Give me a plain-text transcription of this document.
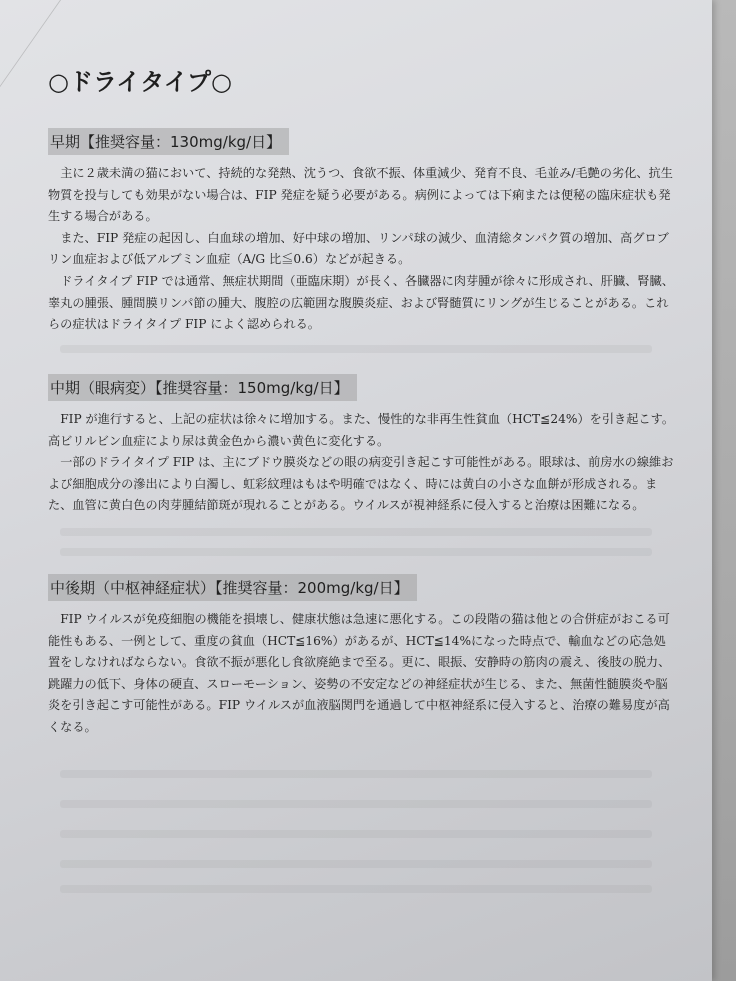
○ドライタイプ○
早期【推奨容量：130mg/kg/日】

主に２歳未満の猫において、持続的な発熱、沈うつ、食欲不振、体重減少、発育不良、毛並み/毛艶の劣化、抗生物質を投与しても効果がない場合は、FIP 発症を疑う必要がある。病例によっては下痢または便秘の臨床症状も発生する場合がある。

また、FIP 発症の起因し、白血球の増加、好中球の増加、リンパ球の減少、血清総タンパク質の増加、高グロブリン血症および低アルブミン血症（A/G 比≦0.6）などが起きる。

ドライタイプ FIP では通常、無症状期間（亜臨床期）が長く、各臓器に肉芽腫が徐々に形成され、肝臓、腎臓、睾丸の腫張、腫間膜リンパ節の腫大、腹腔の広範囲な腹膜炎症、および腎髄質にリングが生じることがある。これらの症状はドライタイプ FIP によく認められる。

中期（眼病変）【推奨容量：150mg/kg/日】

FIP が進行すると、上記の症状は徐々に増加する。また、慢性的な非再生性貧血（HCT≦24%）を引き起こす。高ビリルビン血症により尿は黄金色から濃い黄色に変化する。

一部のドライタイプ FIP は、主にブドウ膜炎などの眼の病変引き起こす可能性がある。眼球は、前房水の線維および細胞成分の滲出により白濁し、虹彩紋理はもはや明確ではなく、時には黄白の小さな血餅が形成される。また、血管に黄白色の肉芽腫結節斑が現れることがある。ウイルスが視神経系に侵入すると治療は困難になる。

中後期（中枢神経症状）【推奨容量：200mg/kg/日】

FIP ウイルスが免疫細胞の機能を損壊し、健康状態は急速に悪化する。この段階の猫は他との合併症がおこる可能性もある、一例として、重度の貧血（HCT≦16%）があるが、HCT≦14%になった時点で、輸血などの応急処置をしなければならない。食欲不振が悪化し食欲廃絶まで至る。更に、眼振、安静時の筋肉の震え、後肢の脱力、跳躍力の低下、身体の硬直、スローモーション、姿勢の不安定などの神経症状が生じる、また、無菌性髄膜炎や脳炎を引き起こす可能性がある。FIP ウイルスが血液脳関門を通過して中枢神経系に侵入すると、治療の難易度が高くなる。
